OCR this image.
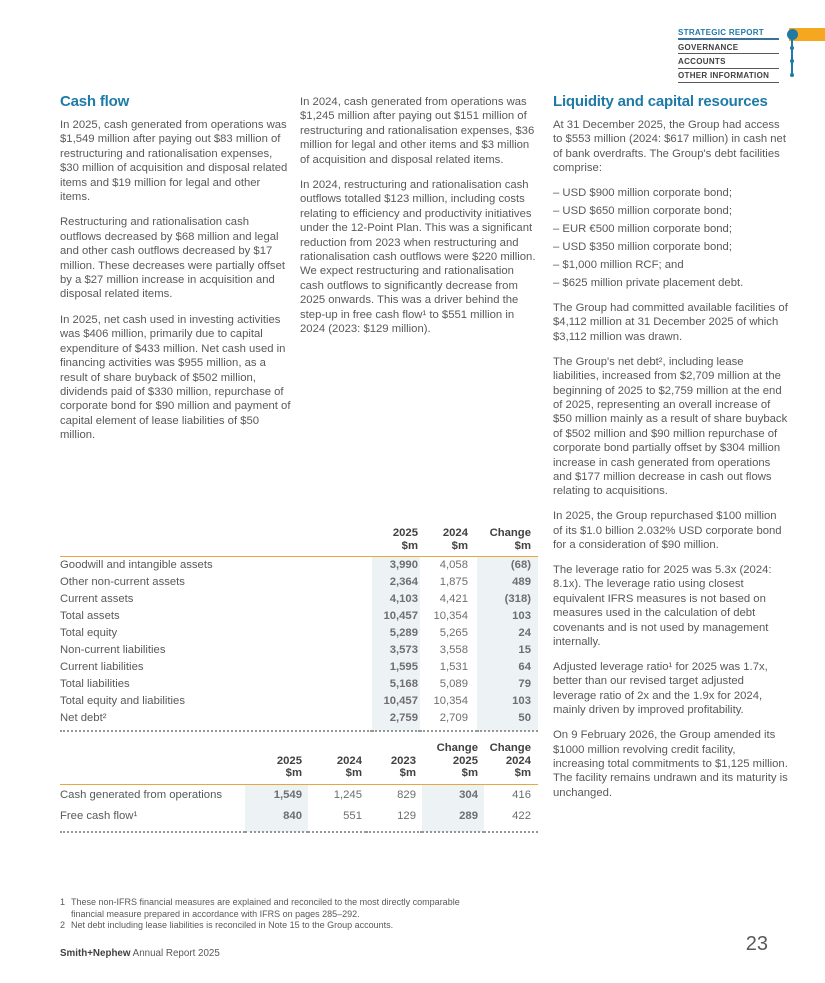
STRATEGIC REPORT
GOVERNANCE
ACCOUNTS
OTHER INFORMATION
Cash flow

In 2025, cash generated from operations was $1,549 million after paying out $83 million of restructuring and rationalisation expenses, $30 million of acquisition and disposal related items and $19 million for legal and other items.

Restructuring and rationalisation cash outflows decreased by $68 million and legal and other cash outflows decreased by $17 million. These decreases were partially offset by a $27 million increase in acquisition and disposal related items.

In 2025, net cash used in investing activities was $406 million, primarily due to capital expenditure of $433 million. Net cash used in financing activities was $955 million, as a result of share buyback of $502 million, dividends paid of $330 million, repurchase of corporate bond for $90 million and payment of capital element of lease liabilities of $50 million.

In 2024, cash generated from operations was $1,245 million after paying out $151 million of restructuring and rationalisation expenses, $36 million for legal and other items and $3 million of acquisition and disposal related items.

In 2024, restructuring and rationalisation cash outflows totalled $123 million, including costs relating to efficiency and productivity initiatives under the 12-Point Plan. This was a significant reduction from 2023 when restructuring and rationalisation cash outflows were $220 million. We expect restructuring and rationalisation cash outflows to significantly decrease from 2025 onwards. This was a driver behind the step-up in free cash flow¹ to $551 million in 2024 (2023: $129 million).

Liquidity and capital resources

At 31 December 2025, the Group had access to $553 million (2024: $617 million) in cash net of bank overdrafts. The Group's debt facilities comprise:

– USD $900 million corporate bond;

– USD $650 million corporate bond;

– EUR €500 million corporate bond;

– USD $350 million corporate bond;

– $1,000 million RCF; and

– $625 million private placement debt.

The Group had committed available facilities of $4,112 million at 31 December 2025 of which $3,112 million was drawn.

The Group's net debt², including lease liabilities, increased from $2,709 million at the beginning of 2025 to $2,759 million at the end of 2025, representing an overall increase of $50 million mainly as a result of share buyback of $502 million and $90 million repurchase of corporate bond partially offset by $304 million increase in cash generated from operations and $177 million decrease in cash out flows relating to acquisitions.

In 2025, the Group repurchased $100 million of its $1.0 billion 2.032% USD corporate bond for a consideration of $90 million.

The leverage ratio for 2025 was 5.3x (2024: 8.1x). The leverage ratio using closest equivalent IFRS measures is not based on measures used in the calculation of debt covenants and is not used by management internally.

Adjusted leverage ratio¹ for 2025 was 1.7x, better than our revised target adjusted leverage ratio of 2x and the 1.9x for 2024, mainly driven by improved profitability.

On 9 February 2026, the Group amended its $1000 million revolving credit facility, increasing total commitments to $1,125 million. The facility remains undrawn and its maturity is unchanged.

2025
$m

2024
$m

Change
$m

Goodwill and intangible assets	3,990	4,058	(68)
Other non-current assets	2,364	1,875	489
Current assets	4,103	4,421	(318)
Total assets	10,457	10,354	103
Total equity	5,289	5,265	24
Non-current liabilities	3,573	3,558	15
Current liabilities	1,595	1,531	64
Total liabilities	5,168	5,089	79
Total equity and liabilities	10,457	10,354	103
Net debt²	2,759	2,709	50

2025
$m

2024
$m

2023
$m

Change
2025
$m

Change
2024
$m

Cash generated from operations	1,549	1,245	829	304	416
Free cash flow¹	840	551	129	289	422
1 These non-IFRS financial measures are explained and reconciled to the most directly comparable financial measure prepared in accordance with IFRS on pages 285–292.
2 Net debt including lease liabilities is reconciled in Note 15 to the Group accounts.
Smith+Nephew Annual Report 2025	23
